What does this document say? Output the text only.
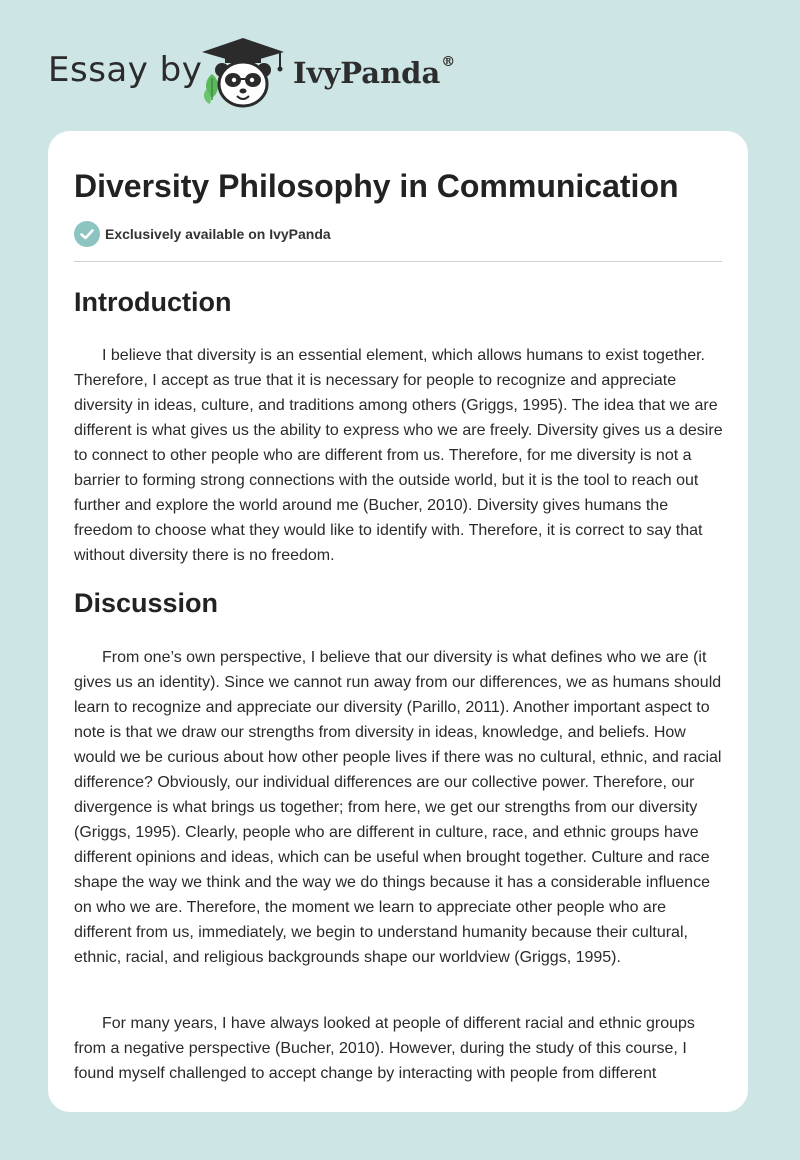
Essay by	IvyPanda®
Diversity Philosophy in Communication
Exclusively available on IvyPanda
Introduction

I believe that diversity is an essential element, which allows humans to exist together. Therefore, I accept as true that it is necessary for people to recognize and appreciate diversity in ideas, culture, and traditions among others (Griggs, 1995). The idea that we are different is what gives us the ability to express who we are freely. Diversity gives us a desire to connect to other people who are different from us. Therefore, for me diversity is not a barrier to forming strong connections with the outside world, but it is the tool to reach out further and explore the world around me (Bucher, 2010). Diversity gives humans the freedom to choose what they would like to identify with. Therefore, it is correct to say that without diversity there is no freedom.

Discussion

From one’s own perspective, I believe that our diversity is what defines who we are (it gives us an identity). Since we cannot run away from our differences, we as humans should learn to recognize and appreciate our diversity (Parillo, 2011). Another important aspect to note is that we draw our strengths from diversity in ideas, knowledge, and beliefs. How would we be curious about how other people lives if there was no cultural, ethnic, and racial difference? Obviously, our individual differences are our collective power. Therefore, our divergence is what brings us together; from here, we get our strengths from our diversity (Griggs, 1995). Clearly, people who are different in culture, race, and ethnic groups have different opinions and ideas, which can be useful when brought together. Culture and race shape the way we think and the way we do things because it has a considerable influence on who we are. Therefore, the moment we learn to appreciate other people who are different from us, immediately, we begin to understand humanity because their cultural, ethnic, racial, and religious backgrounds shape our worldview (Griggs, 1995).

For many years, I have always looked at people of different racial and ethnic groups from a negative perspective (Bucher, 2010). However, during the study of this course, I found myself challenged to accept change by interacting with people from different
